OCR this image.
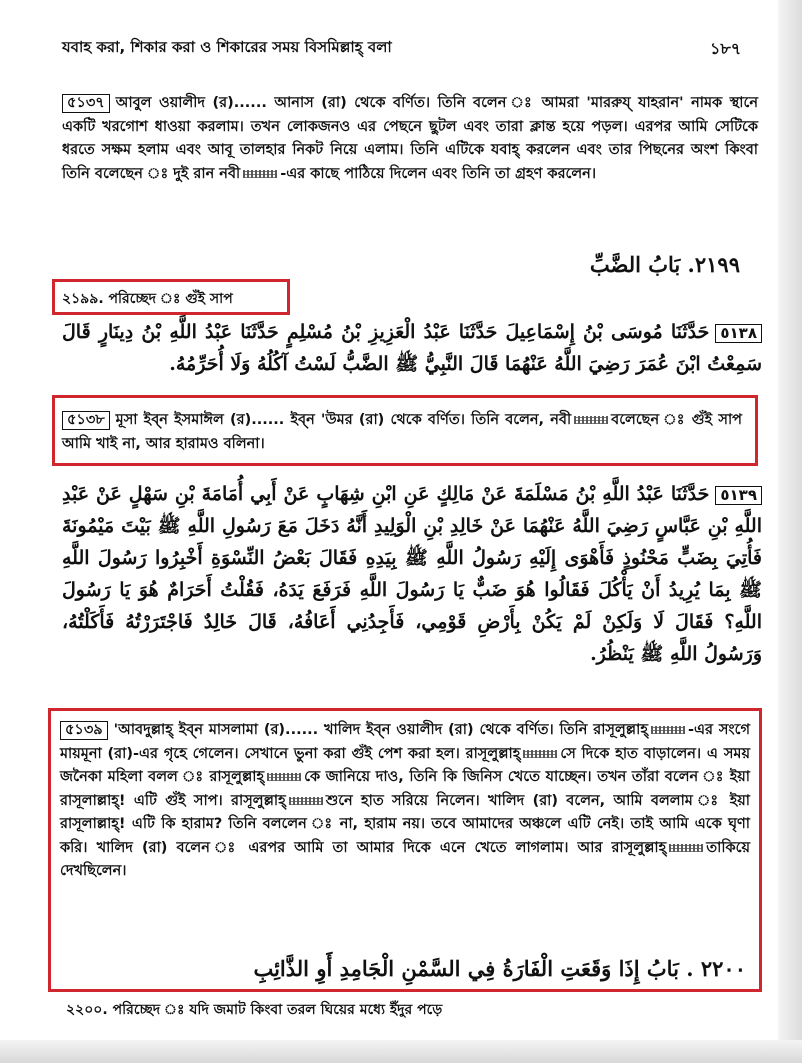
যবাহ করা, শিকার করা ও শিকারের সময় বিসমিল্লাহ্ বলা	১৮৭
৫১৩৭ আবুল ওয়ালীদ (র)...... আনাস (রা) থেকে বর্ণিত। তিনি বলেন ঃ আমরা 'মাররুয্ যাহরান' নামক স্থানে একটি খরগোশ ধাওয়া করলাম। তখন লোকজনও এর পেছনে ছুটল এবং তারা ক্লান্ত হয়ে পড়ল। এরপর আমি সেটিকে ধরতে সক্ষম হলাম এবং আবূ তালহার নিকট নিয়ে এলাম। তিনি এটিকে যবাহ্ করলেন এবং তার পিছনের অংশ কিংবা তিনি বলেছেন ঃ দুই রান নবী	-এর কাছে পাঠিয়ে দিলেন এবং তিনি তা গ্রহণ করলেন।
٢١٩٩. بَابُ الضَّبِّ
২১৯৯. পরিচ্ছেদ ঃ গুঁই সাপ
٥١٣٨حَدَّثَنَا مُوسَى بْنُ إِسْمَاعِيلَ حَدَّثَنَا عَبْدُ الْعَزِيزِ بْنُ مُسْلِمٍ حَدَّثَنَا عَبْدُ اللَّهِ بْنُ دِينَارٍ قَالَ سَمِعْتُ ابْنَ عُمَرَ رَضِيَ اللَّهُ عَنْهُمَا قَالَ النَّبِيُّ ﷺ الضَّبُّ لَسْتُ آكُلُهُ وَلَا أُحَرِّمُهُ.
৫১৩৮ মূসা ইব্ন ইসমাঈল (র)...... ইব্ন 'উমর (রা) থেকে বর্ণিত। তিনি বলেন, নবী	বলেছেন ঃ গুঁই সাপ আমি খাই না, আর হারামও বলিনা।
٥١٣٩حَدَّثَنَا عَبْدُ اللَّهِ بْنُ مَسْلَمَةَ عَنْ مَالِكٍ عَنِ ابْنِ شِهَابٍ عَنْ أَبِي أُمَامَةَ بْنِ سَهْلٍ عَنْ عَبْدِ اللَّهِ بْنِ عَبَّاسٍ رَضِيَ اللَّهُ عَنْهُمَا عَنْ خَالِدِ بْنِ الْوَلِيدِ أَنَّهُ دَخَلَ مَعَ رَسُولِ اللَّهِ ﷺ بَيْتَ مَيْمُونَةَ فَأُتِيَ بِضَبٍّ مَحْنُوذٍ فَأَهْوَى إِلَيْهِ رَسُولُ اللَّهِ ﷺ بِيَدِهِ فَقَالَ بَعْضُ النِّسْوَةِ أَخْبِرُوا رَسُولَ اللَّهِ ﷺ بِمَا يُرِيدُ أَنْ يَأْكُلَ فَقَالُوا هُوَ ضَبٌّ يَا رَسُولَ اللَّهِ فَرَفَعَ يَدَهُ، فَقُلْتُ أَحَرَامٌ هُوَ يَا رَسُولَ اللَّهِ؟ فَقَالَ لَا وَلَكِنْ لَمْ يَكُنْ بِأَرْضِ قَوْمِي، فَأَجِدُنِي أَعَافُهُ، قَالَ خَالِدٌ فَاجْتَرَرْتُهُ فَأَكَلْتُهُ، وَرَسُولُ اللَّهِ ﷺ يَنْظُرُ.
৫১৩৯ 'আবদুল্লাহ্ ইব্ন মাসলামা (র)...... খালিদ ইব্ন ওয়ালীদ (রা) থেকে বর্ণিত। তিনি রাসূলুল্লাহ্	-এর সংগে মায়মূনা (রা)-এর গৃহে গেলেন। সেখানে ভুনা করা গুঁই পেশ করা হল। রাসূলুল্লাহ্	সে দিকে হাত বাড়ালেন। এ সময় জনৈকা মহিলা বলল ঃ রাসূলুল্লাহ্	কে জানিয়ে দাও, তিনি কি জিনিস খেতে যাচ্ছেন। তখন তাঁরা বলেন ঃ ইয়া রাসূলাল্লাহ্! এটি গুঁই সাপ। রাসূলুল্লাহ্	শুনে হাত সরিয়ে নিলেন। খালিদ (রা) বলেন, আমি বললাম ঃ ইয়া রাসূলাল্লাহ্! এটি কি হারাম? তিনি বললেন ঃ না, হারাম নয়। তবে আমাদের অঞ্চলে এটি নেই। তাই আমি একে ঘৃণা করি। খালিদ (রা) বলেন ঃ এরপর আমি তা আমার দিকে এনে খেতে লাগলাম। আর রাসূলুল্লাহ্	তাকিয়ে দেখছিলেন।
٢٢٠٠ . بَابُ إِذَا وَقَعَتِ الْفَارَةُ فِي السَّمْنِ الْجَامِدِ أَوِ الذَّائِبِ
২২০০. পরিচ্ছেদ ঃ যদি জমাট কিংবা তরল ঘিয়ের মধ্যে ইঁদুর পড়ে
